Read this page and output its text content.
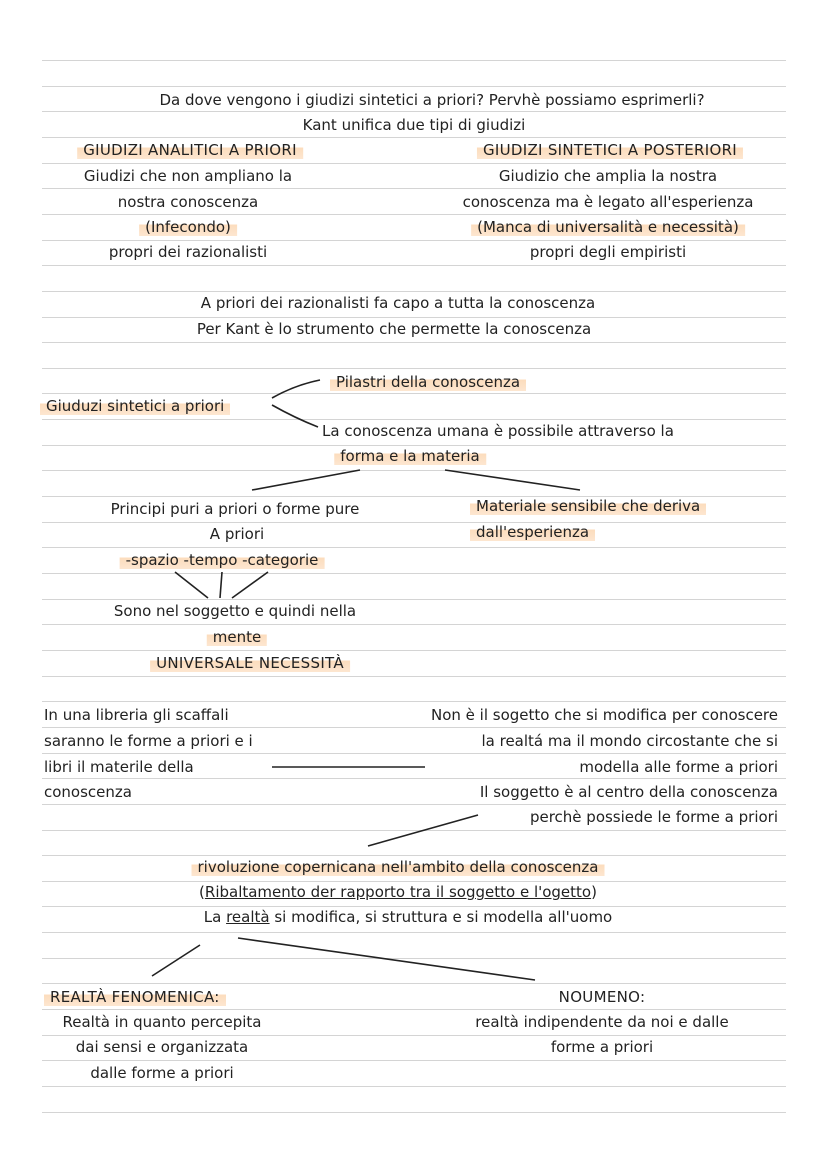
Da dove vengono i giudizi sintetici a priori? Pervhè possiamo esprimerli?
Kant unifica due tipi di giudizi
GIUDIZI ANALITICI A PRIORI
Giudizi che non ampliano la
nostra conoscenza
(Infecondo)
propri dei razionalisti
GIUDIZI SINTETICI A POSTERIORI
Giudizio che amplia la nostra
conoscenza ma è legato all'esperienza
(Manca di universalità e necessità)
propri degli empiristi
A priori dei razionalisti fa capo a tutta la conoscenza
Per Kant è lo strumento che permette la conoscenza
Giuduzi sintetici a priori
Pilastri della conoscenza
La conoscenza umana è possibile attraverso la
forma e la materia
Principi puri a priori o forme pure
A priori
-spazio -tempo -categorie
Sono nel soggetto e quindi nella
mente
UNIVERSALE NECESSITÀ
Materiale sensibile che deriva
dall'esperienza
In una libreria gli scaffali
saranno le forme a priori e i
libri il materile della
conoscenza
Non è il sogetto che si modifica per conoscere
la realtá ma il mondo circostante che si
modella alle forme a priori
Il soggetto è al centro della conoscenza
perchè possiede le forme a priori
rivoluzione copernicana nell'ambito della conoscenza
(Ribaltamento der rapporto tra il soggetto e l'ogetto)
La realtà si modifica, si struttura e si modella all'uomo
REALTÀ FENOMENICA:
Realtà in quanto percepita
dai sensi e organizzata
dalle forme a priori
NOUMENO:
realtà indipendente da noi e dalle
forme a priori
